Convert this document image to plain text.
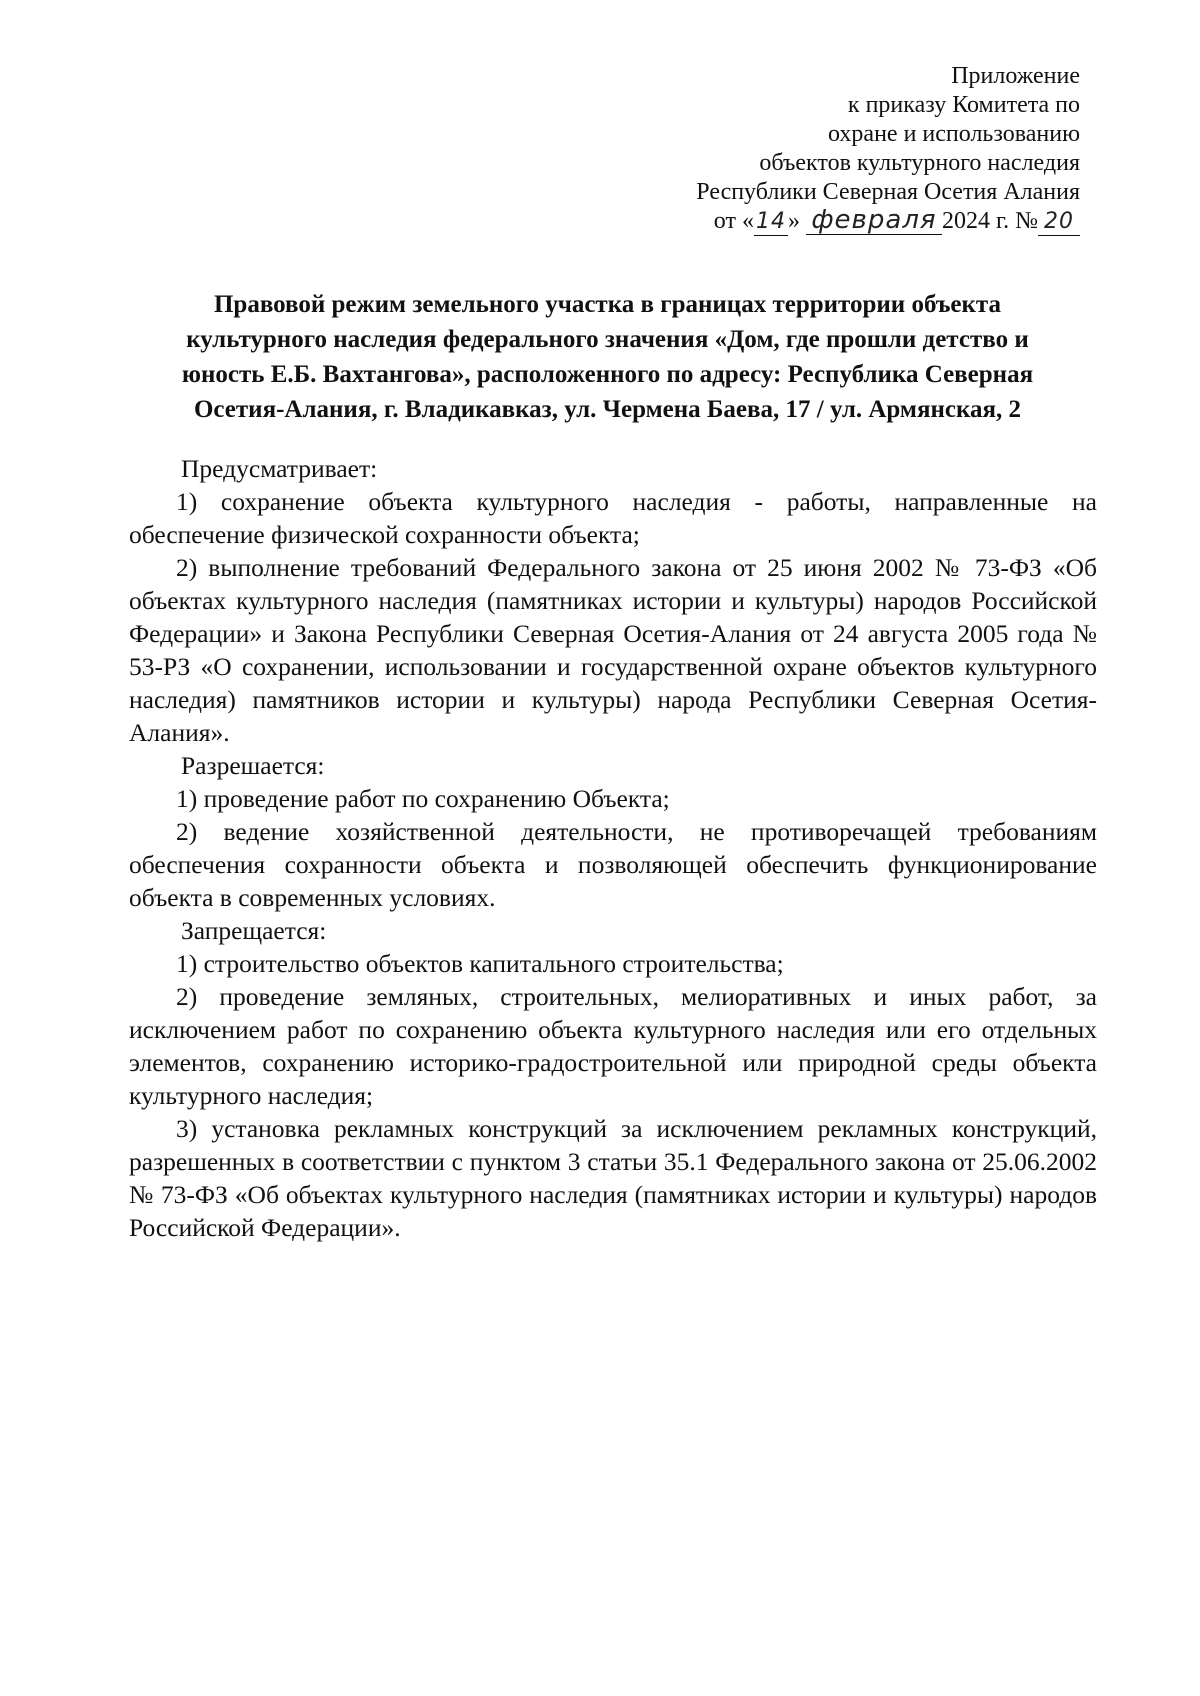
Приложение
к приказу Комитета по
охране и использованию
объектов культурного наследия
Республики Северная Осетия Алания
от «14» февраля 2024 г. № 20
Правовой режим земельного участка в границах территории объекта
культурного наследия федерального значения «Дом, где прошли детство и
юность Е.Б. Вахтангова», расположенного по адресу: Республика Северная
Осетия-Алания, г. Владикавказ, ул. Чермена Баева, 17 / ул. Армянская, 2

Предусматривает:

1) сохранение объекта культурного наследия - работы, направленные на обеспечение физической сохранности объекта;

2) выполнение требований Федерального закона от 25 июня 2002 № 73-ФЗ «Об объектах культурного наследия (памятниках истории и культуры) народов Российской Федерации» и Закона Республики Северная Осетия-Алания от 24 августа 2005 года № 53-РЗ «О сохранении, использовании и государственной охране объектов культурного наследия) памятников истории и культуры) народа Республики Северная Осетия-Алания».

Разрешается:

1) проведение работ по сохранению Объекта;

2) ведение хозяйственной деятельности, не противоречащей требованиям обеспечения сохранности объекта и позволяющей обеспечить функционирование объекта в современных условиях.

Запрещается:

1) строительство объектов капитального строительства;

2) проведение земляных, строительных, мелиоративных и иных работ, за исключением работ по сохранению объекта культурного наследия или его отдельных элементов, сохранению историко-градостроительной или природной среды объекта культурного наследия;

3) установка рекламных конструкций за исключением рекламных конструкций, разрешенных в соответствии с пунктом 3 статьи 35.1 Федерального закона от 25.06.2002 № 73-ФЗ «Об объектах культурного наследия (памятниках истории и культуры) народов Российской Федерации».
